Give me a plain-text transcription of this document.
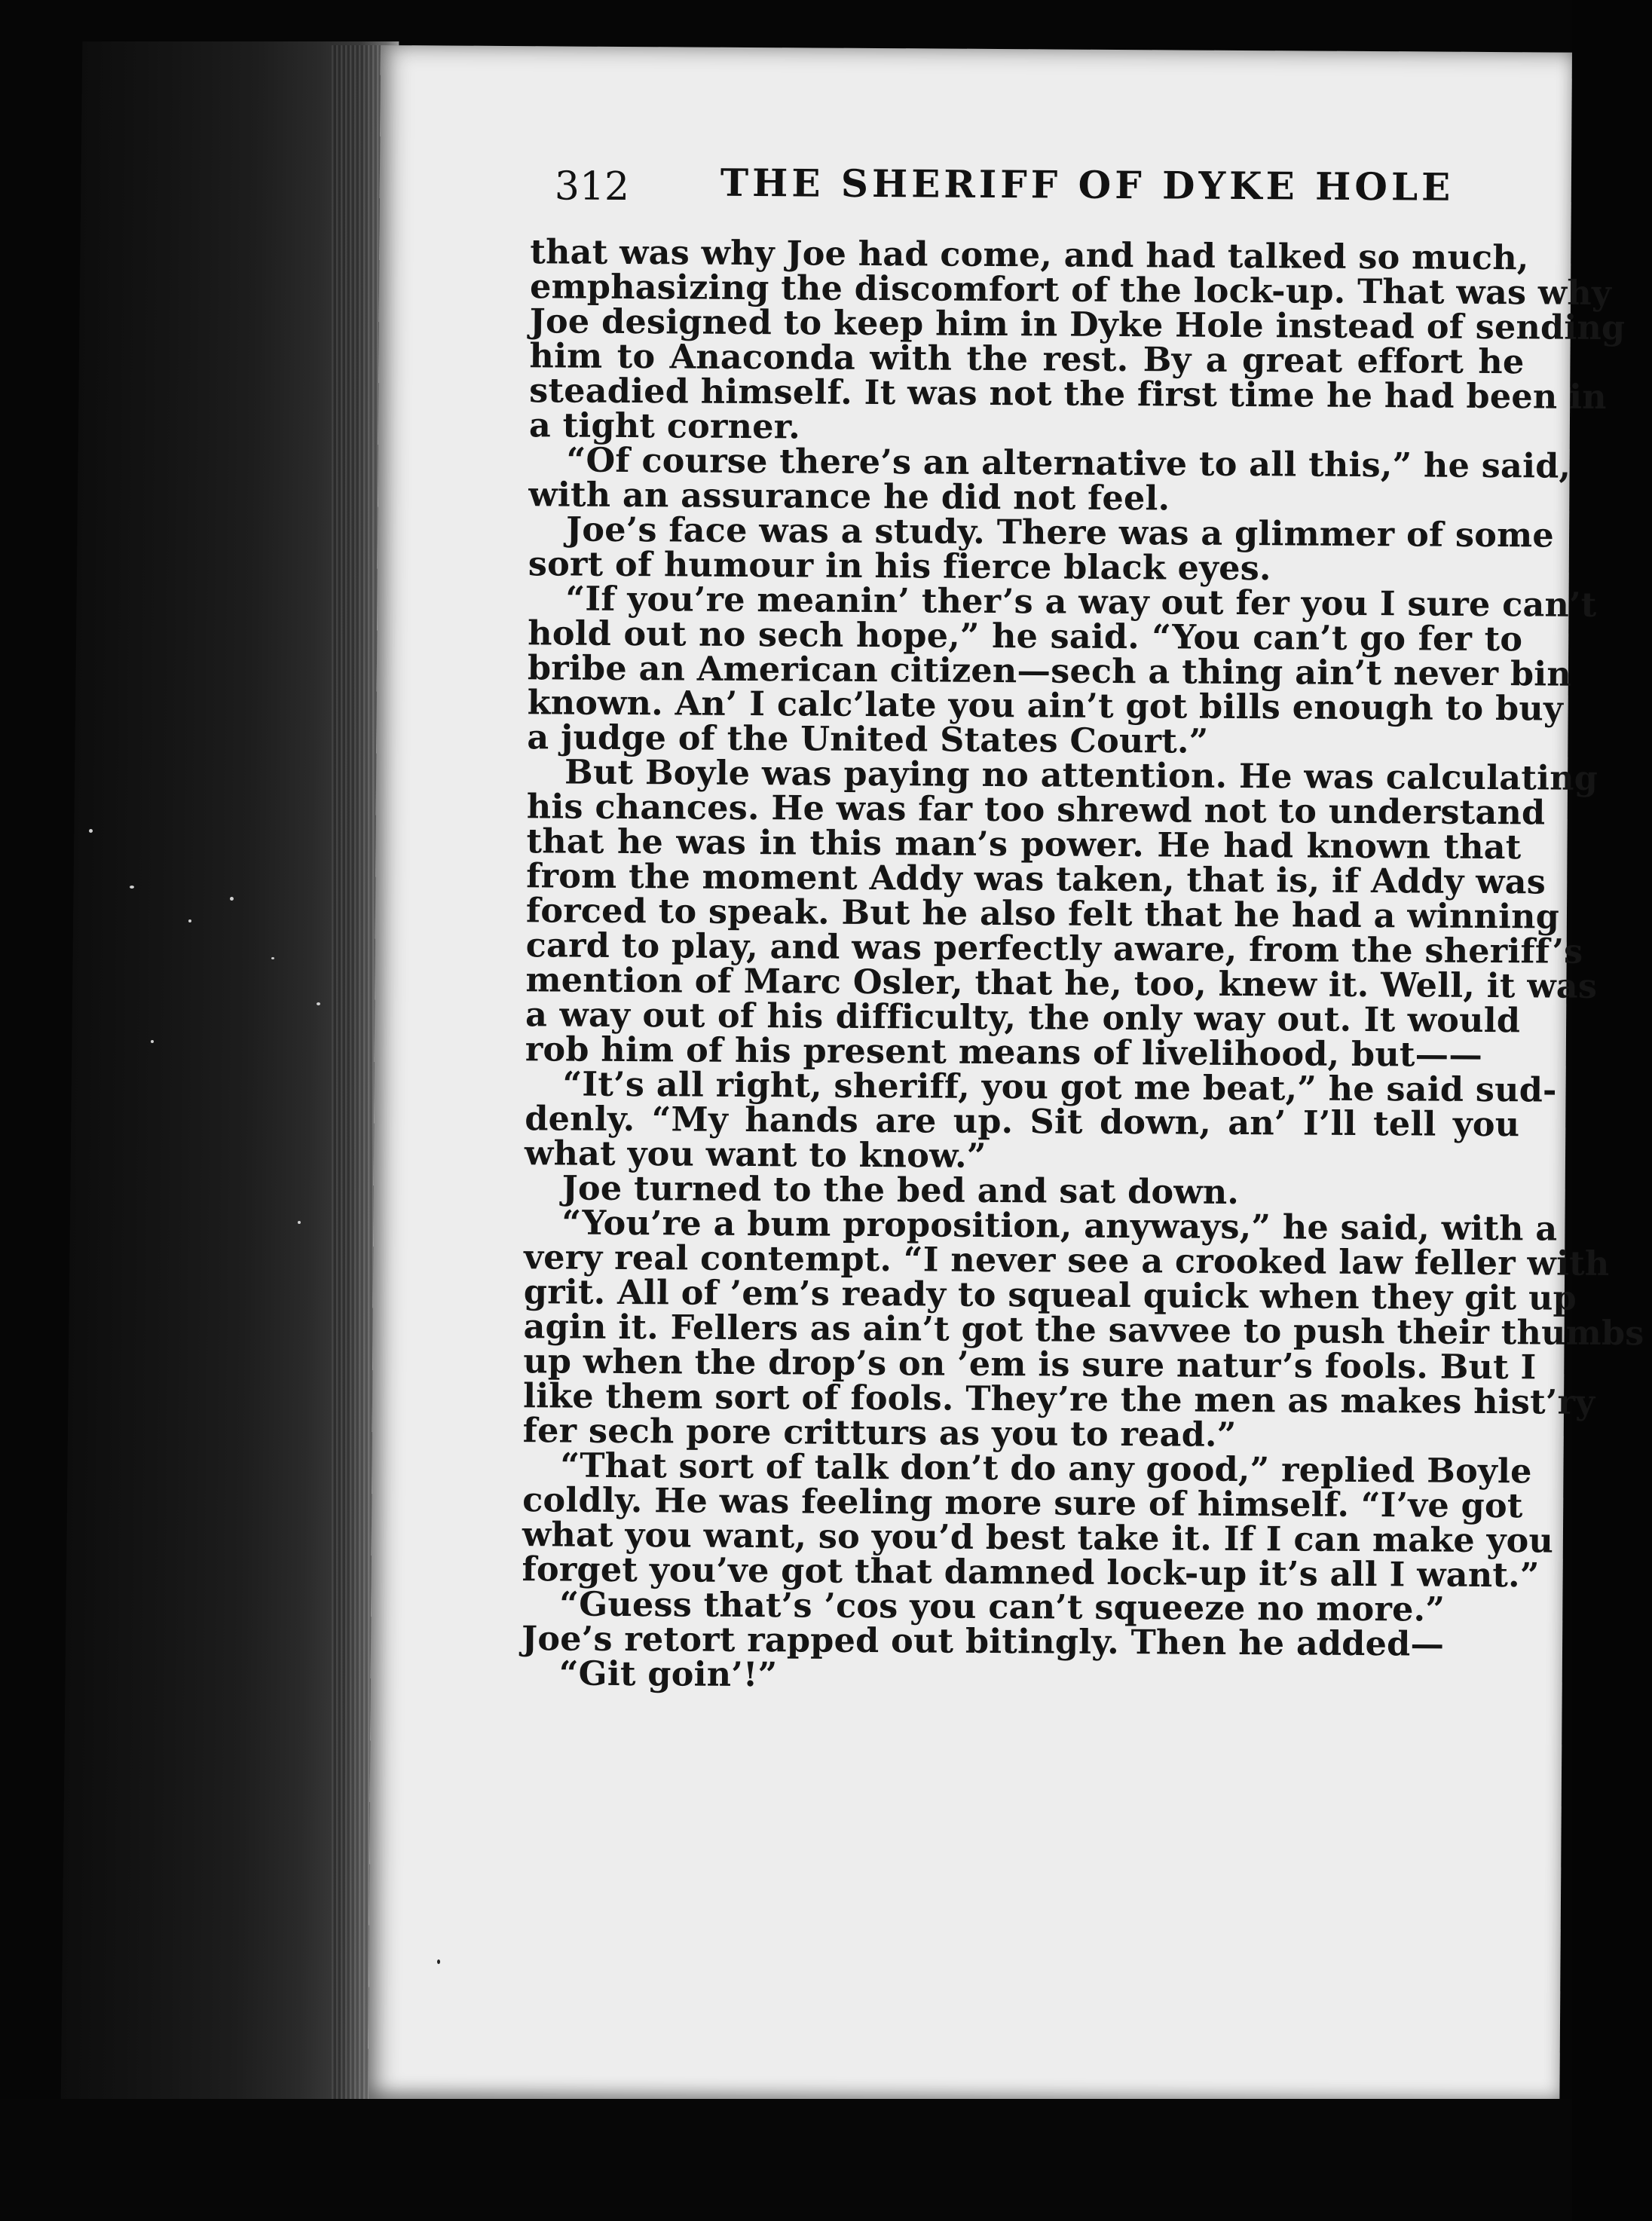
312 THE SHERIFF OF DYKE HOLE
that was why Joe had come, and had talked so much,
emphasizing the discomfort of the lock-up. That was why
Joe designed to keep him in Dyke Hole instead of sending
him to Anaconda with the rest. By a great effort he
steadied himself. It was not the first time he had been in
a tight corner.
“Of course there’s an alternative to all this,” he said,
with an assurance he did not feel.
Joe’s face was a study. There was a glimmer of some
sort of humour in his fierce black eyes.
“If you’re meanin’ ther’s a way out fer you I sure can’t
hold out no sech hope,” he said. “You can’t go fer to
bribe an American citizen—sech a thing ain’t never bin
known. An’ I calc’late you ain’t got bills enough to buy
a judge of the United States Court.”
But Boyle was paying no attention. He was calculating
his chances. He was far too shrewd not to understand
that he was in this man’s power. He had known that
from the moment Addy was taken, that is, if Addy was
forced to speak. But he also felt that he had a winning
card to play, and was perfectly aware, from the sheriff’s
mention of Marc Osler, that he, too, knew it. Well, it was
a way out of his difficulty, the only way out. It would
rob him of his present means of livelihood, but——
“It’s all right, sheriff, you got me beat,” he said sud-
denly. “My hands are up. Sit down, an’ I’ll tell you
what you want to know.”
Joe turned to the bed and sat down.
“You’re a bum proposition, anyways,” he said, with a
very real contempt. “I never see a crooked law feller with
grit. All of ’em’s ready to squeal quick when they git up
agin it. Fellers as ain’t got the savvee to push their thumbs
up when the drop’s on ’em is sure natur’s fools. But I
like them sort of fools. They’re the men as makes hist’ry
fer sech pore critturs as you to read.”
“That sort of talk don’t do any good,” replied Boyle
coldly. He was feeling more sure of himself. “I’ve got
what you want, so you’d best take it. If I can make you
forget you’ve got that damned lock-up it’s all I want.”
“Guess that’s ’cos you can’t squeeze no more.”
Joe’s retort rapped out bitingly. Then he added—
“Git goin’!”
